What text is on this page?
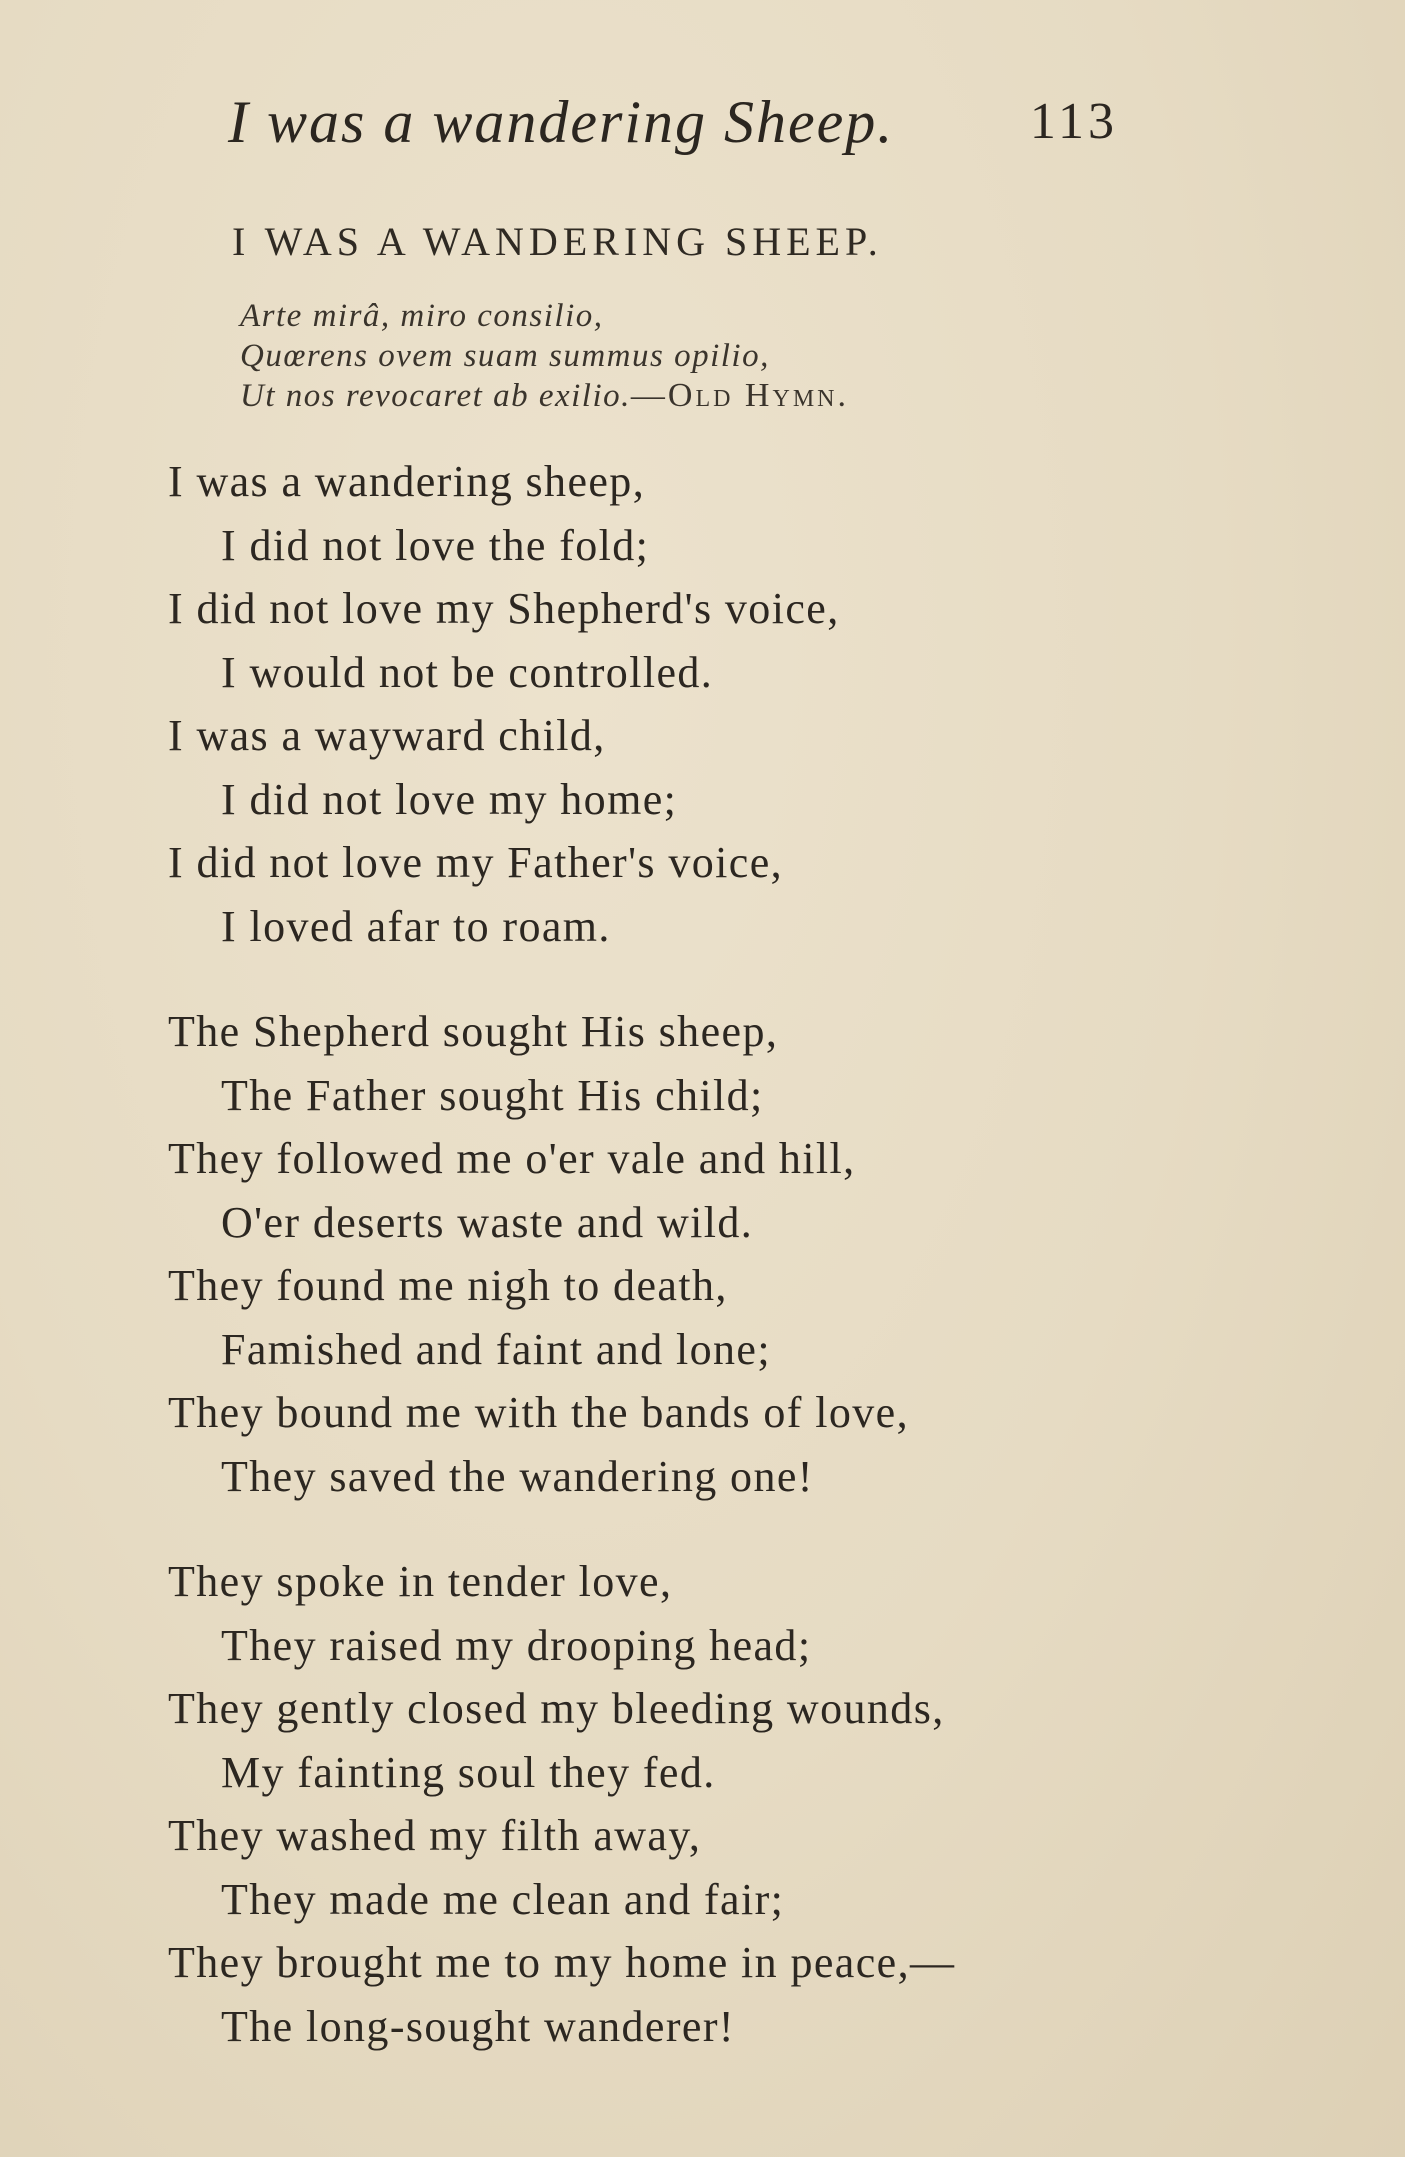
I was a wandering Sheep.	113
I WAS A WANDERING SHEEP.
Arte mirâ, miro consilio,
Quœrens ovem suam summus opilio,
Ut nos revocaret ab exilio.—Old Hymn.
I was a wandering sheep,
I did not love the fold;
I did not love my Shepherd's voice,
I would not be controlled.
I was a wayward child,
I did not love my home;
I did not love my Father's voice,
I loved afar to roam.
The Shepherd sought His sheep,
The Father sought His child;
They followed me o'er vale and hill,
O'er deserts waste and wild.
They found me nigh to death,
Famished and faint and lone;
They bound me with the bands of love,
They saved the wandering one!
They spoke in tender love,
They raised my drooping head;
They gently closed my bleeding wounds,
My fainting soul they fed.
They washed my filth away,
They made me clean and fair;
They brought me to my home in peace,—
The long-sought wanderer!
